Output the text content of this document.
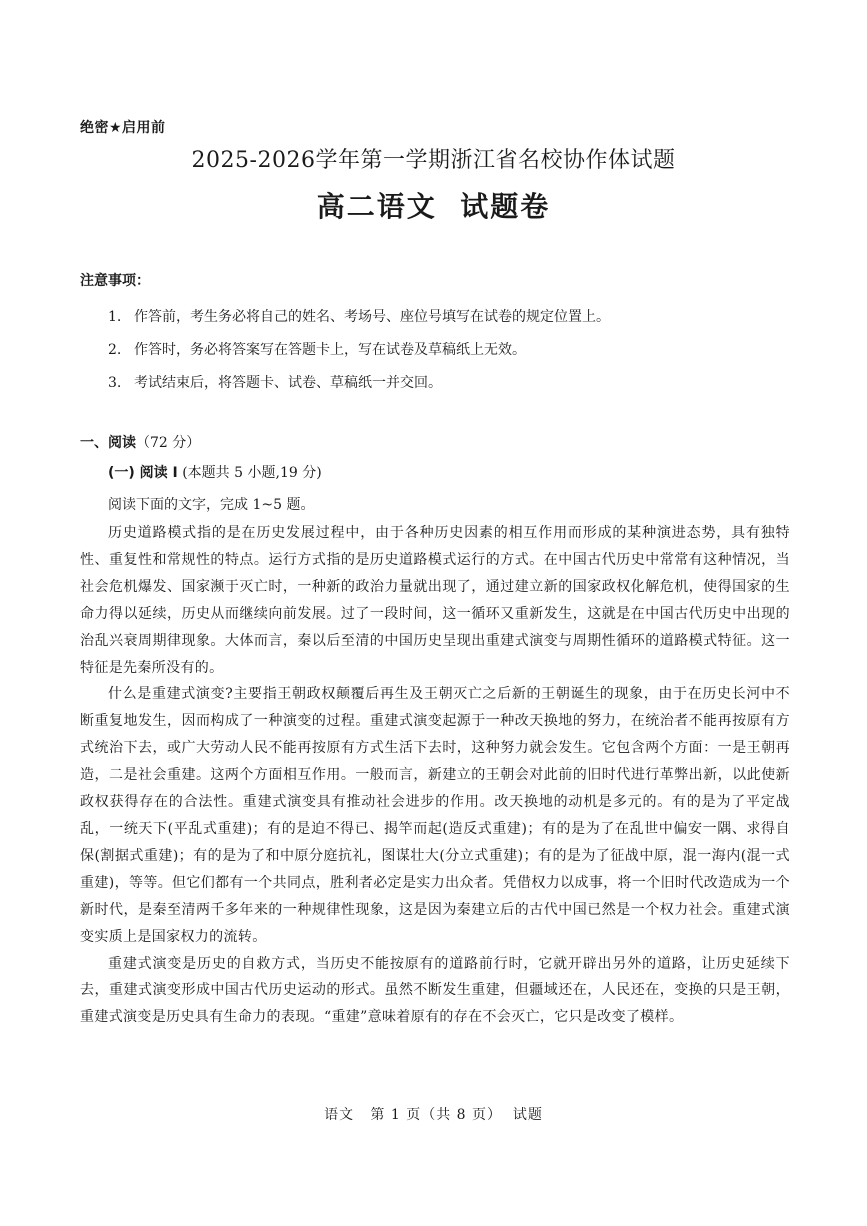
绝密★启用前
2025-2026学年第一学期浙江省名校协作体试题
高二语文  试题卷
注意事项：
1. 作答前，考生务必将自己的姓名、考场号、座位号填写在试卷的规定位置上。
2. 作答时，务必将答案写在答题卡上，写在试卷及草稿纸上无效。
3. 考试结束后，将答题卡、试卷、草稿纸一并交回。
一、阅读（72 分）
(一) 阅读 I (本题共 5 小题,19 分)
阅读下面的文字，完成 1~5 题。

历史道路模式指的是在历史发展过程中，由于各种历史因素的相互作用而形成的某种演进态势，具有独特性、重复性和常规性的特点。运行方式指的是历史道路模式运行的方式。在中国古代历史中常常有这种情况，当社会危机爆发、国家濒于灭亡时，一种新的政治力量就出现了，通过建立新的国家政权化解危机，使得国家的生命力得以延续，历史从而继续向前发展。过了一段时间，这一循环又重新发生，这就是在中国古代历史中出现的治乱兴衰周期律现象。大体而言，秦以后至清的中国历史呈现出重建式演变与周期性循环的道路模式特征。这一特征是先秦所没有的。

什么是重建式演变?主要指王朝政权颠覆后再生及王朝灭亡之后新的王朝诞生的现象，由于在历史长河中不断重复地发生，因而构成了一种演变的过程。重建式演变起源于一种改天换地的努力，在统治者不能再按原有方式统治下去，或广大劳动人民不能再按原有方式生活下去时，这种努力就会发生。它包含两个方面：一是王朝再造，二是社会重建。这两个方面相互作用。一般而言，新建立的王朝会对此前的旧时代进行革弊出新，以此使新政权获得存在的合法性。重建式演变具有推动社会进步的作用。改天换地的动机是多元的。有的是为了平定战乱，一统天下(平乱式重建)；有的是迫不得已、揭竿而起(造反式重建)；有的是为了在乱世中偏安一隅、求得自保(割据式重建)；有的是为了和中原分庭抗礼，图谋壮大(分立式重建)；有的是为了征战中原，混一海内(混一式重建)，等等。但它们都有一个共同点，胜利者必定是实力出众者。凭借权力以成事，将一个旧时代改造成为一个新时代，是秦至清两千多年来的一种规律性现象，这是因为秦建立后的古代中国已然是一个权力社会。重建式演变实质上是国家权力的流转。

重建式演变是历史的自救方式，当历史不能按原有的道路前行时，它就开辟出另外的道路，让历史延续下去，重建式演变形成中国古代历史运动的形式。虽然不断发生重建，但疆域还在，人民还在，变换的只是王朝，重建式演变是历史具有生命力的表现。“重建”意味着原有的存在不会灭亡，它只是改变了模样。

语文   第 1 页（共 8 页）  试题
